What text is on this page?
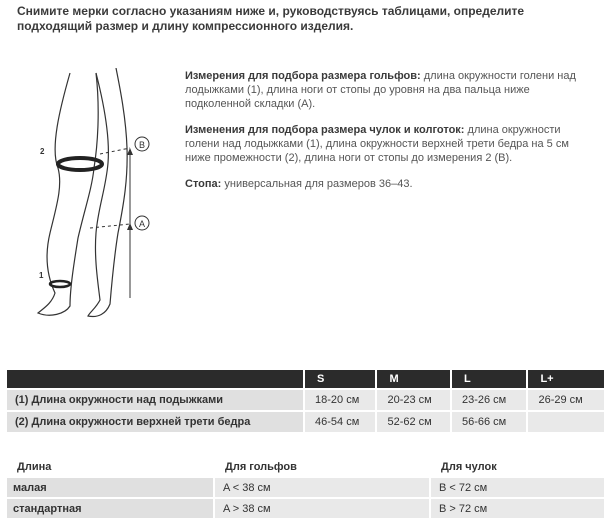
Снимите мерки согласно указаниям ниже и, руководствуясь таблицами, определите подходящий размер и длину компрессионного изделия.
B
A
2
1
Измерения для подбора размера гольфов: длина окружности голени над лодыжками (1), длина ноги от стопы до уровня на два пальца ниже подколенной складки (A).
Изменения для подбора размера чулок и колготок: длина окружности голени над лодыжками (1), длина окружности верхней трети бедра на 5 см ниже промежности (2), длина ноги от стопы до измерения 2 (B).
Стопа: универсальная для размеров 36–43.
	S	M	L	L+
(1) Длина окружности над подыжками	18-20 см	20-23 см	23-26 см	26-29 см
(2) Длина окружности верхней трети бедра	46-54 см	52-62 см	56-66 см	
Длина	Для гольфов	Для чулок
малая	A < 38 см	B < 72 см
стандартная	A > 38 см	B > 72 см
